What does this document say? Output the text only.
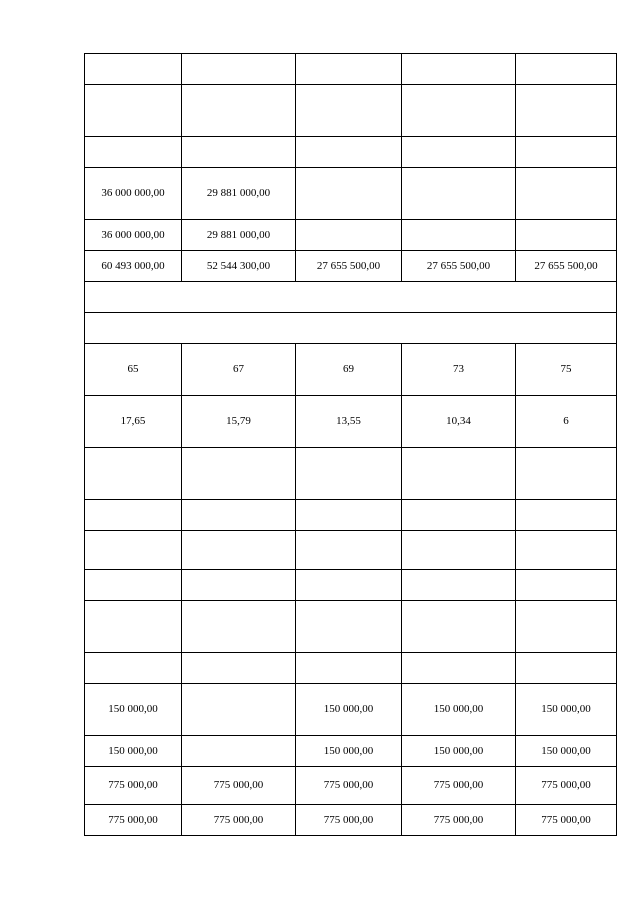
36 000 000,00	29 881 000,00			
36 000 000,00	29 881 000,00			
60 493 000,00	52 544 300,00	27 655 500,00	27 655 500,00	27 655 500,00

65	67	69	73	75
17,65	15,79	13,55	10,34	6

150 000,00		150 000,00	150 000,00	150 000,00
150 000,00		150 000,00	150 000,00	150 000,00
775 000,00	775 000,00	775 000,00	775 000,00	775 000,00
775 000,00	775 000,00	775 000,00	775 000,00	775 000,00
